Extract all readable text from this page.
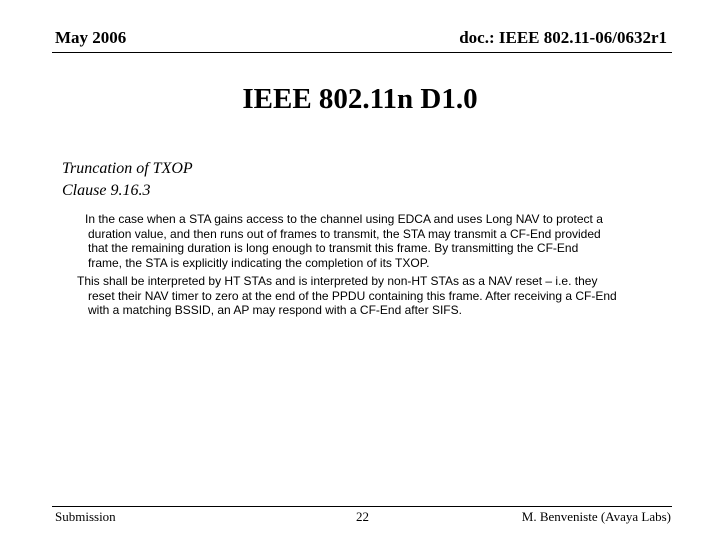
May 2006	doc.: IEEE 802.11-06/0632r1
IEEE 802.11n D1.0
Truncation of TXOP
Clause 9.16.3
In the case when a STA gains access to the channel using EDCA and uses Long NAV to protect a
duration value, and then runs out of frames to transmit, the STA may transmit a CF-End provided
that the remaining duration is long enough to transmit this frame. By transmitting the CF-End
frame, the STA is explicitly indicating the completion of its TXOP.
This shall be interpreted by HT STAs and is interpreted by non-HT STAs as a NAV reset – i.e. they
reset their NAV timer to zero at the end of the PPDU containing this frame. After receiving a CF-End
with a matching BSSID, an AP may respond with a CF-End after SIFS.
Submission	22	M. Benveniste (Avaya Labs)
